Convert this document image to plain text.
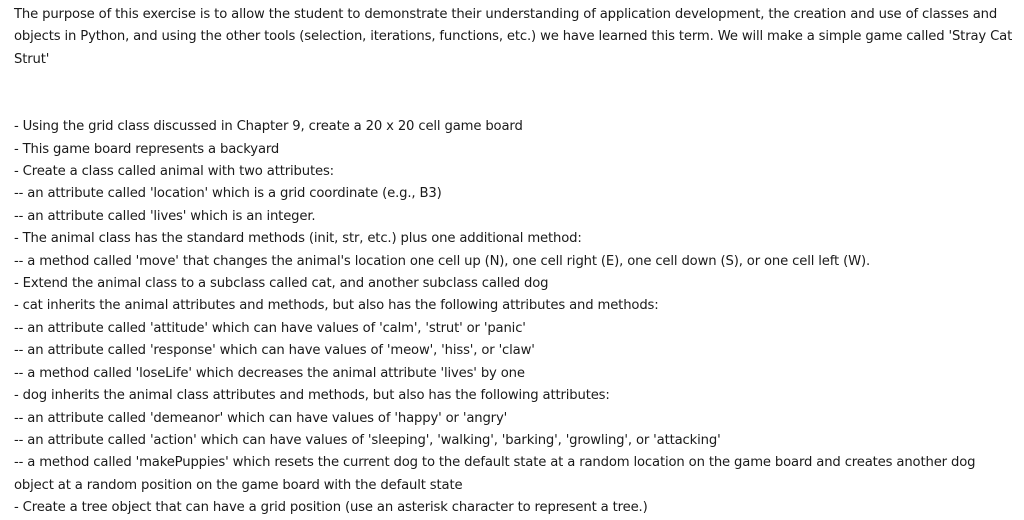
The purpose of this exercise is to allow the student to demonstrate their understanding of application development, the creation and use of classes and objects in Python, and using the other tools (selection, iterations, functions, etc.) we have learned this term. We will make a simple game called 'Stray Cat Strut'

- Using the grid class discussed in Chapter 9, create a 20 x 20 cell game board
- This game board represents a backyard
- Create a class called animal with two attributes:
-- an attribute called 'location' which is a grid coordinate (e.g., B3)
-- an attribute called 'lives' which is an integer.
- The animal class has the standard methods (init, str, etc.) plus one additional method:
-- a method called 'move' that changes the animal's location one cell up (N), one cell right (E), one cell down (S), or one cell left (W).
- Extend the animal class to a subclass called cat, and another subclass called dog
- cat inherits the animal attributes and methods, but also has the following attributes and methods:
-- an attribute called 'attitude' which can have values of 'calm', 'strut' or 'panic'
-- an attribute called 'response' which can have values of 'meow', 'hiss', or 'claw'
-- a method called 'loseLife' which decreases the animal attribute 'lives' by one
- dog inherits the animal class attributes and methods, but also has the following attributes:
-- an attribute called 'demeanor' which can have values of 'happy' or 'angry'
-- an attribute called 'action' which can have values of 'sleeping', 'walking', 'barking', 'growling', or 'attacking'
-- a method called 'makePuppies' which resets the current dog to the default state at a random location on the game board and creates another dog object at a random position on the game board with the default state
- Create a tree object that can have a grid position (use an asterisk character to represent a tree.)
